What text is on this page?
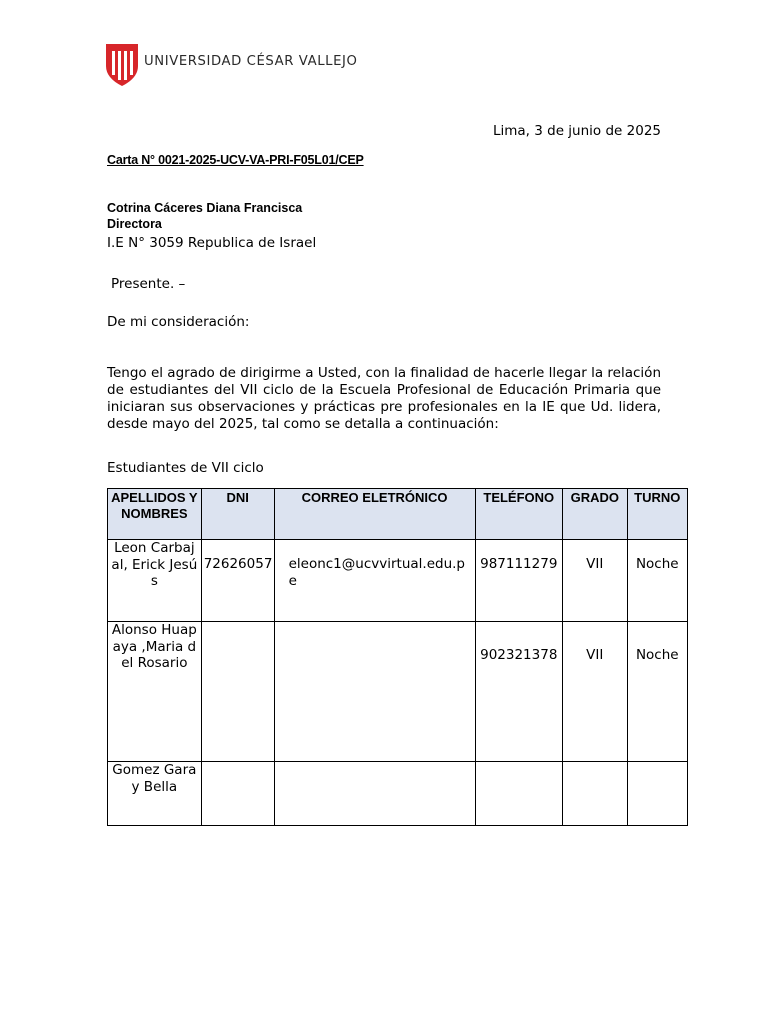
UNIVERSIDAD CÉSAR VALLEJO
Lima, 3 de junio de 2025
Carta N° 0021-2025-UCV-VA-PRI-F05L01/CEP
Cotrina Cáceres Diana Francisca
Directora
I.E N° 3059 Republica de Israel
Presente. –
De mi consideración:
Tengo el agrado de dirigirme a Usted, con la finalidad de hacerle llegar la relación de estudiantes del VII ciclo de la Escuela Profesional de Educación Primaria que iniciaran sus observaciones y prácticas pre profesionales en la IE que Ud. lidera, desde mayo del 2025, tal como se detalla a continuación:
Estudiantes de VII ciclo
APELLIDOS Y NOMBRES	DNI	CORREO ELETRÓNICO	TELÉFONO	GRADO	TURNO
Leon Carbajal, Erick Jesús	72626057	eleonc1@ucvvirtual.edu.pe	987111279	VII	Noche
Alonso Huapaya ,Maria del Rosario			902321378	VII	Noche
Gomez Garay Bella					
